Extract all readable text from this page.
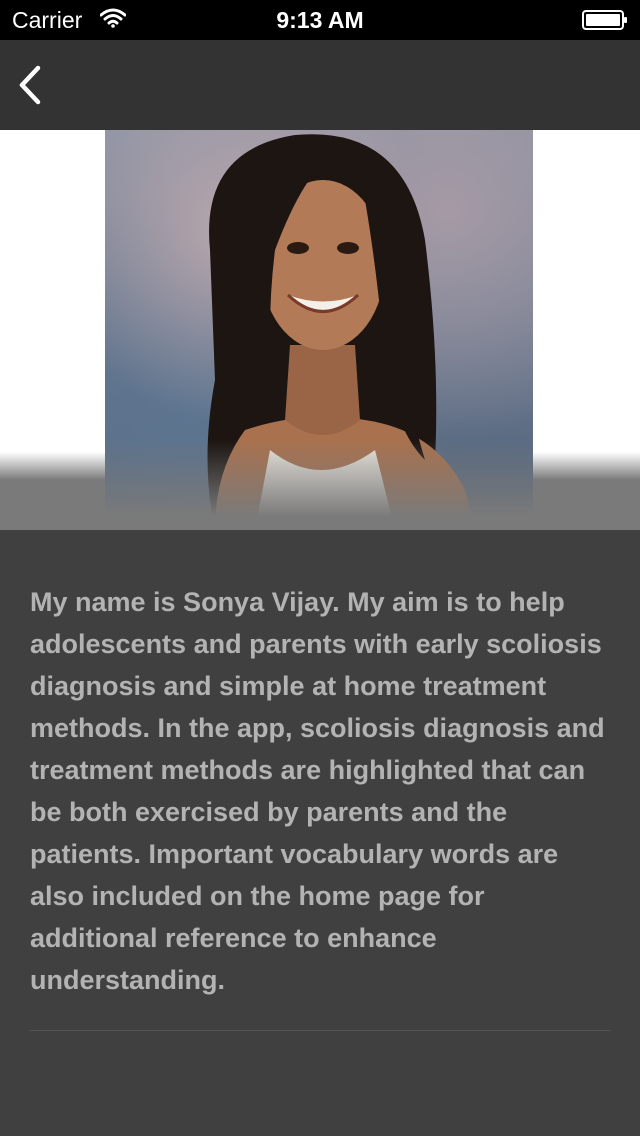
Carrier	9:13 AM

My name is Sonya Vijay. My aim is to help adolescents and parents with early scoliosis diagnosis and simple at home treatment methods. In the app, scoliosis diagnosis and treatment methods are highlighted that can be both exercised by parents and the patients. Important vocabulary words are also included on the home page for additional reference to enhance understanding.
